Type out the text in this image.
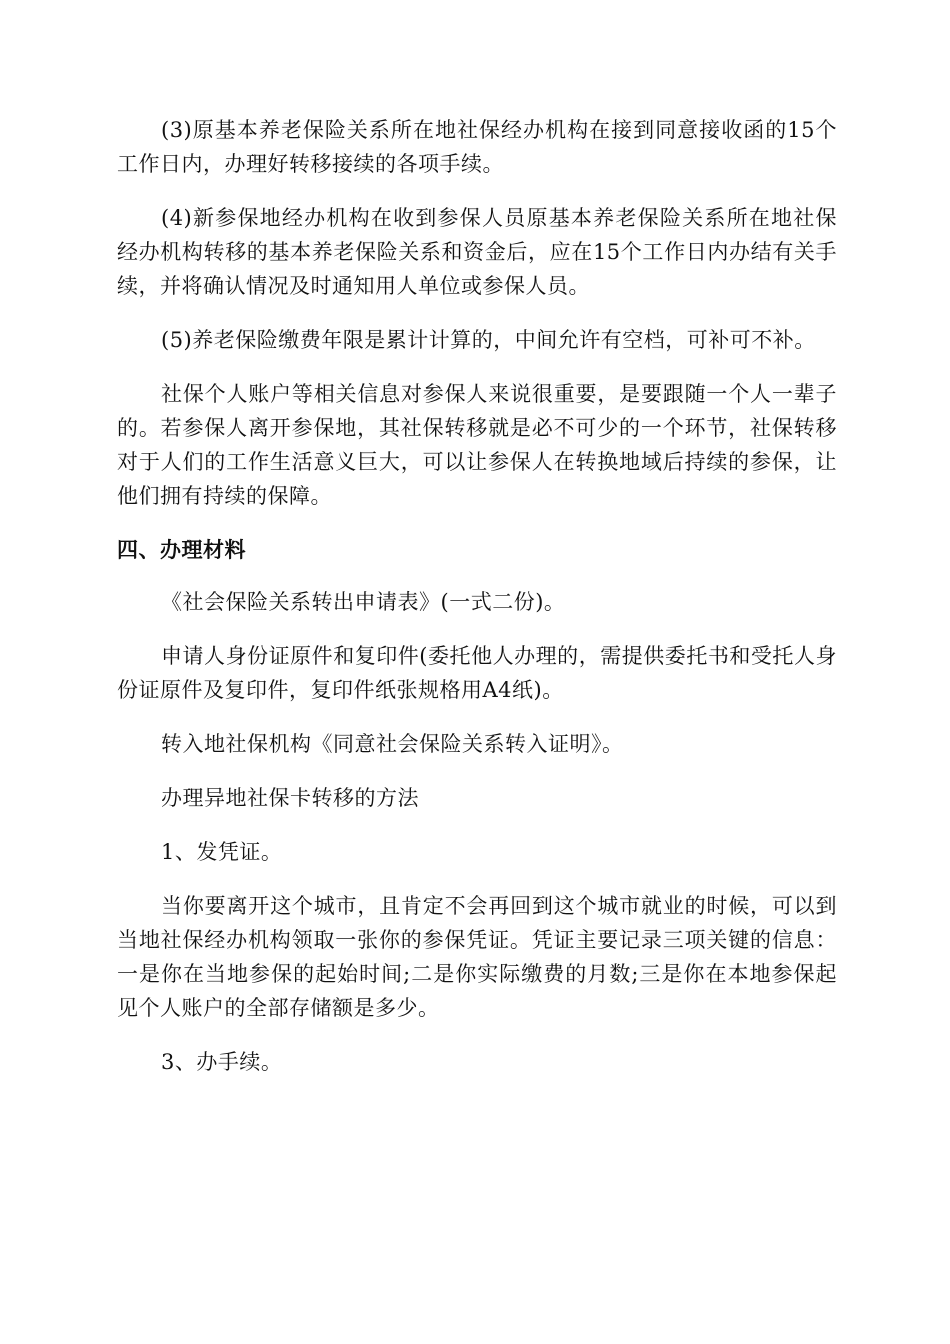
(3)原基本养老保险关系所在地社保经办机构在接到同意接收函的15个工作日内，办理好转移接续的各项手续。

(4)新参保地经办机构在收到参保人员原基本养老保险关系所在地社保经办机构转移的基本养老保险关系和资金后，应在15个工作日内办结有关手续，并将确认情况及时通知用人单位或参保人员。

(5)养老保险缴费年限是累计计算的，中间允许有空档，可补可不补。

社保个人账户等相关信息对参保人来说很重要，是要跟随一个人一辈子的。若参保人离开参保地，其社保转移就是必不可少的一个环节，社保转移对于人们的工作生活意义巨大，可以让参保人在转换地域后持续的参保，让他们拥有持续的保障。

四、办理材料

《社会保险关系转出申请表》(一式二份)。

申请人身份证原件和复印件(委托他人办理的，需提供委托书和受托人身份证原件及复印件，复印件纸张规格用A4纸)。

转入地社保机构《同意社会保险关系转入证明》。

办理异地社保卡转移的方法

1、发凭证。

当你要离开这个城市，且肯定不会再回到这个城市就业的时候，可以到当地社保经办机构领取一张你的参保凭证。凭证主要记录三项关键的信息：一是你在当地参保的起始时间;二是你实际缴费的月数;三是你在本地参保起见个人账户的全部存储额是多少。

3、办手续。
